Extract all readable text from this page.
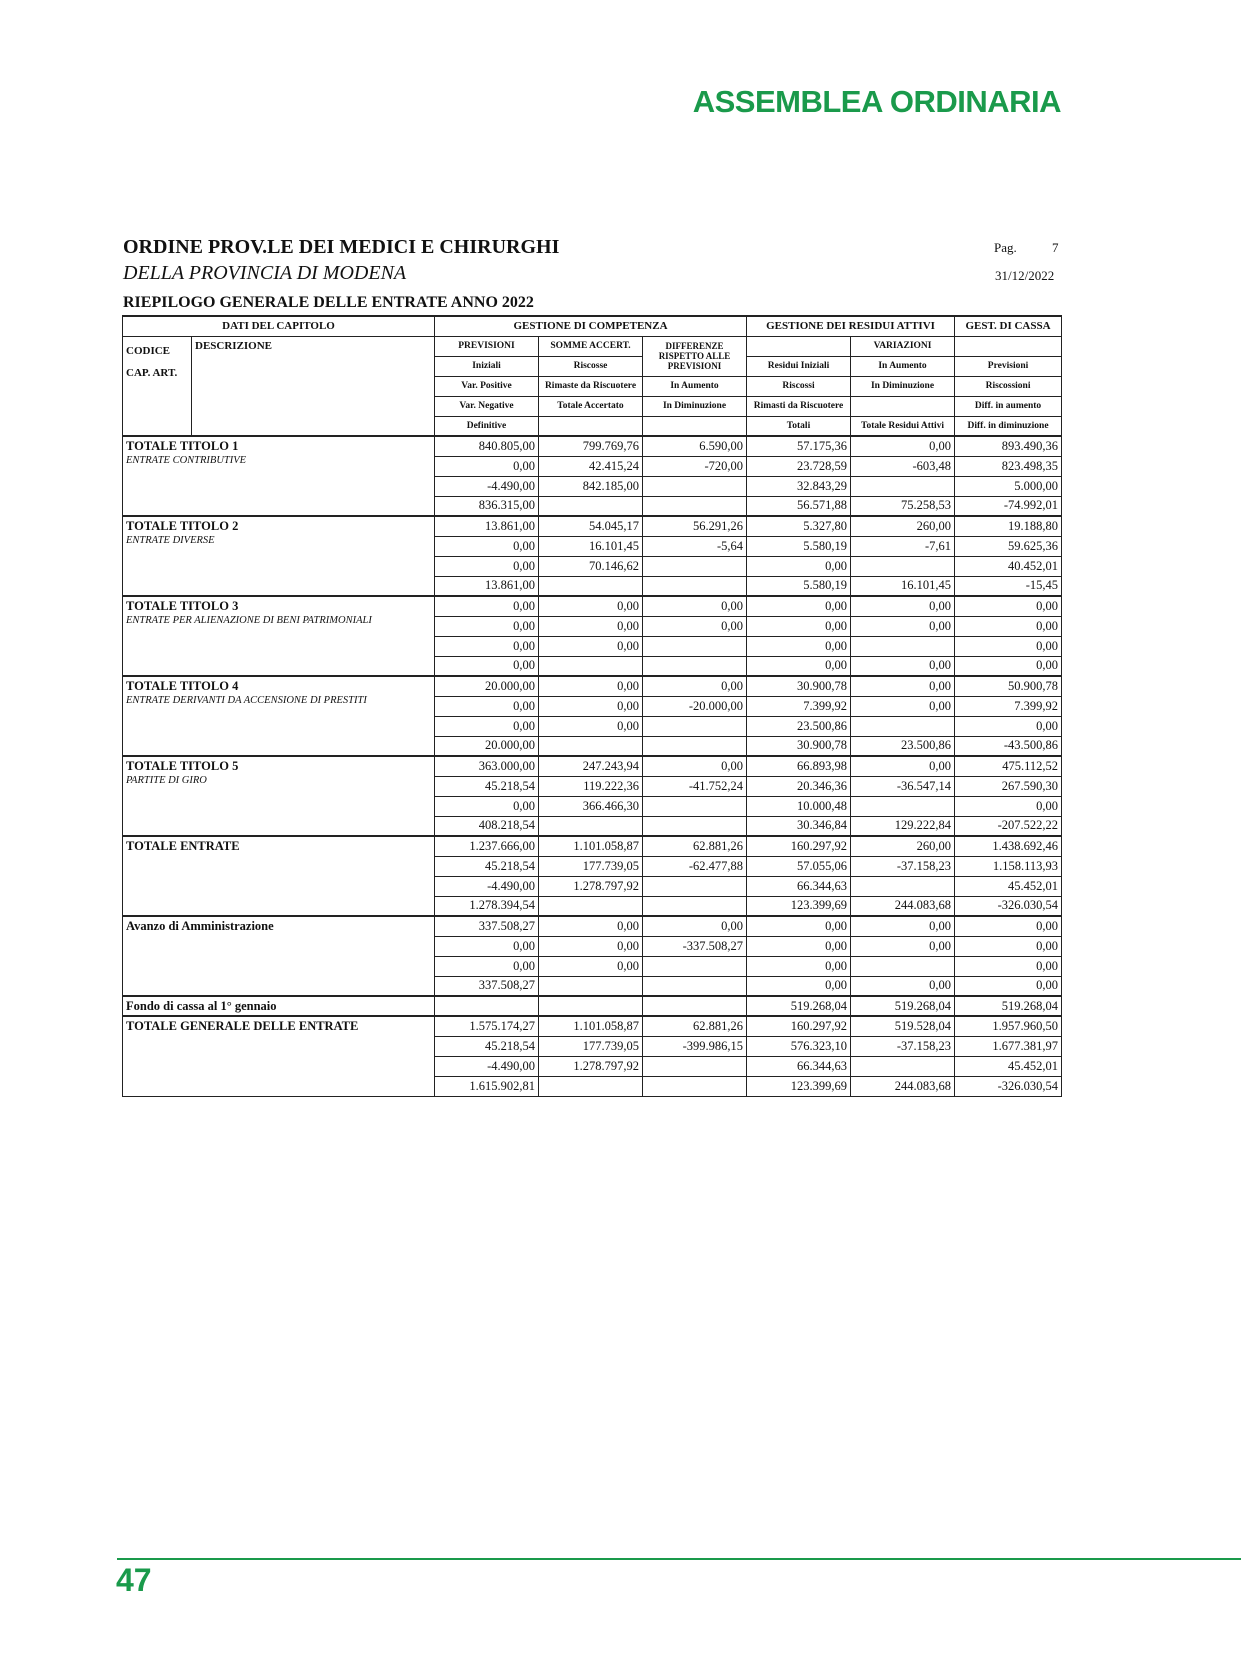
ASSEMBLEA ORDINARIA
ORDINE PROV.LE DEI MEDICI E CHIRURGHI
DELLA PROVINCIA DI MODENA
Pag.	7
31/12/2022
RIEPILOGO GENERALE DELLE ENTRATE ANNO 2022
DATI DEL CAPITOLO		GESTIONE DI COMPETENZA			GESTIONE DEI RESIDUI ATTIVI		GEST. DI CASSA
CODICE
CAP. ART.	DESCRIZIONE	PREVISIONI	SOMME ACCERT.	DIFFERENZE RISPETTO ALLE PREVISIONI		VARIAZIONI	
		Iniziali	Riscosse		Residui Iniziali	In Aumento	Previsioni
		Var. Positive	Rimaste da Riscuotere	In Aumento	Riscossi	In Diminuzione	Riscossioni
		Var. Negative	Totale Accertato	In Diminuzione	Rimasti da Riscuotere		Diff. in aumento
		Definitive			Totali	Totale Residui Attivi	Diff. in diminuzione

TOTALE TITOLO 1
ENTRATE CONTRIBUTIVE		840.805,00	799.769,76	6.590,00	57.175,36	0,00	893.490,36
		0,00	42.415,24	-720,00	23.728,59	-603,48	823.498,35
		-4.490,00	842.185,00		32.843,29		5.000,00
		836.315,00			56.571,88	75.258,53	-74.992,01

TOTALE TITOLO 2
ENTRATE DIVERSE		13.861,00	54.045,17	56.291,26	5.327,80	260,00	19.188,80
		0,00	16.101,45	-5,64	5.580,19	-7,61	59.625,36
		0,00	70.146,62		0,00		40.452,01
		13.861,00			5.580,19	16.101,45	-15,45

TOTALE TITOLO 3
ENTRATE PER ALIENAZIONE DI BENI PATRIMONIALI		0,00	0,00	0,00	0,00	0,00	0,00
		0,00	0,00	0,00	0,00	0,00	0,00
		0,00	0,00		0,00		0,00
		0,00			0,00	0,00	0,00

TOTALE TITOLO 4
ENTRATE DERIVANTI DA ACCENSIONE DI PRESTITI		20.000,00	0,00	0,00	30.900,78	0,00	50.900,78
		0,00	0,00	-20.000,00	7.399,92	0,00	7.399,92
		0,00	0,00		23.500,86		0,00
		20.000,00			30.900,78	23.500,86	-43.500,86

TOTALE TITOLO 5
PARTITE DI GIRO		363.000,00	247.243,94	0,00	66.893,98	0,00	475.112,52
		45.218,54	119.222,36	-41.752,24	20.346,36	-36.547,14	267.590,30
		0,00	366.466,30		10.000,48		0,00
		408.218,54			30.346,84	129.222,84	-207.522,22

TOTALE ENTRATE		1.237.666,00	1.101.058,87	62.881,26	160.297,92	260,00	1.438.692,46
		45.218,54	177.739,05	-62.477,88	57.055,06	-37.158,23	1.158.113,93
		-4.490,00	1.278.797,92		66.344,63		45.452,01
		1.278.394,54			123.399,69	244.083,68	-326.030,54

Avanzo di Amministrazione		337.508,27	0,00	0,00	0,00	0,00	0,00
		0,00	0,00	-337.508,27	0,00	0,00	0,00
		0,00	0,00		0,00		0,00
		337.508,27			0,00	0,00	0,00
Fondo di cassa al 1° gennaio					519.268,04	519.268,04	519.268,04

TOTALE GENERALE DELLE ENTRATE		1.575.174,27	1.101.058,87	62.881,26	160.297,92	519.528,04	1.957.960,50
		45.218,54	177.739,05	-399.986,15	576.323,10	-37.158,23	1.677.381,97
		-4.490,00	1.278.797,92		66.344,63		45.452,01
		1.615.902,81			123.399,69	244.083,68	-326.030,54
47
